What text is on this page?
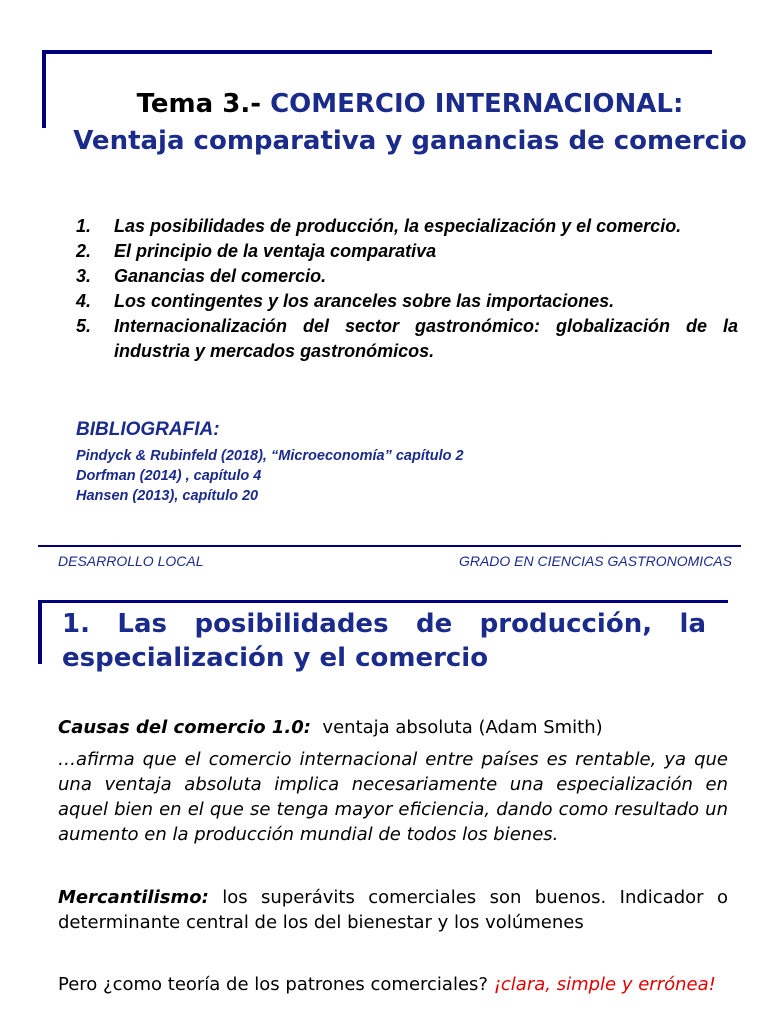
Tema 3.- COMERCIO INTERNACIONAL:
Ventaja comparativa y ganancias de comercio
1. Las posibilidades de producción, la especialización y el comercio.
2. El principio de la ventaja comparativa
3. Ganancias del comercio.
4. Los contingentes y los aranceles sobre las importaciones.
5. Internacionalización del sector gastronómico: globalización de la industria y mercados gastronómicos.
BIBLIOGRAFIA:
Pindyck & Rubinfeld (2018), “Microeconomía” capítulo 2
Dorfman (2014) , capítulo 4
Hansen (2013), capítulo 20
DESARROLLO LOCAL	GRADO EN CIENCIAS GASTRONOMICAS
1. Las posibilidades de producción, la especialización y el comercio
Causas del comercio 1.0:  ventaja absoluta (Adam Smith)
…afirma que el comercio internacional entre países es rentable, ya que una ventaja absoluta implica necesariamente una especialización en aquel bien en el que se tenga mayor eficiencia, dando como resultado un aumento en la producción mundial de todos los bienes.
Mercantilismo: los superávits comerciales son buenos. Indicador o determinante central de los del bienestar y los volúmenes
Pero ¿como teoría de los patrones comerciales? ¡clara, simple y errónea!
